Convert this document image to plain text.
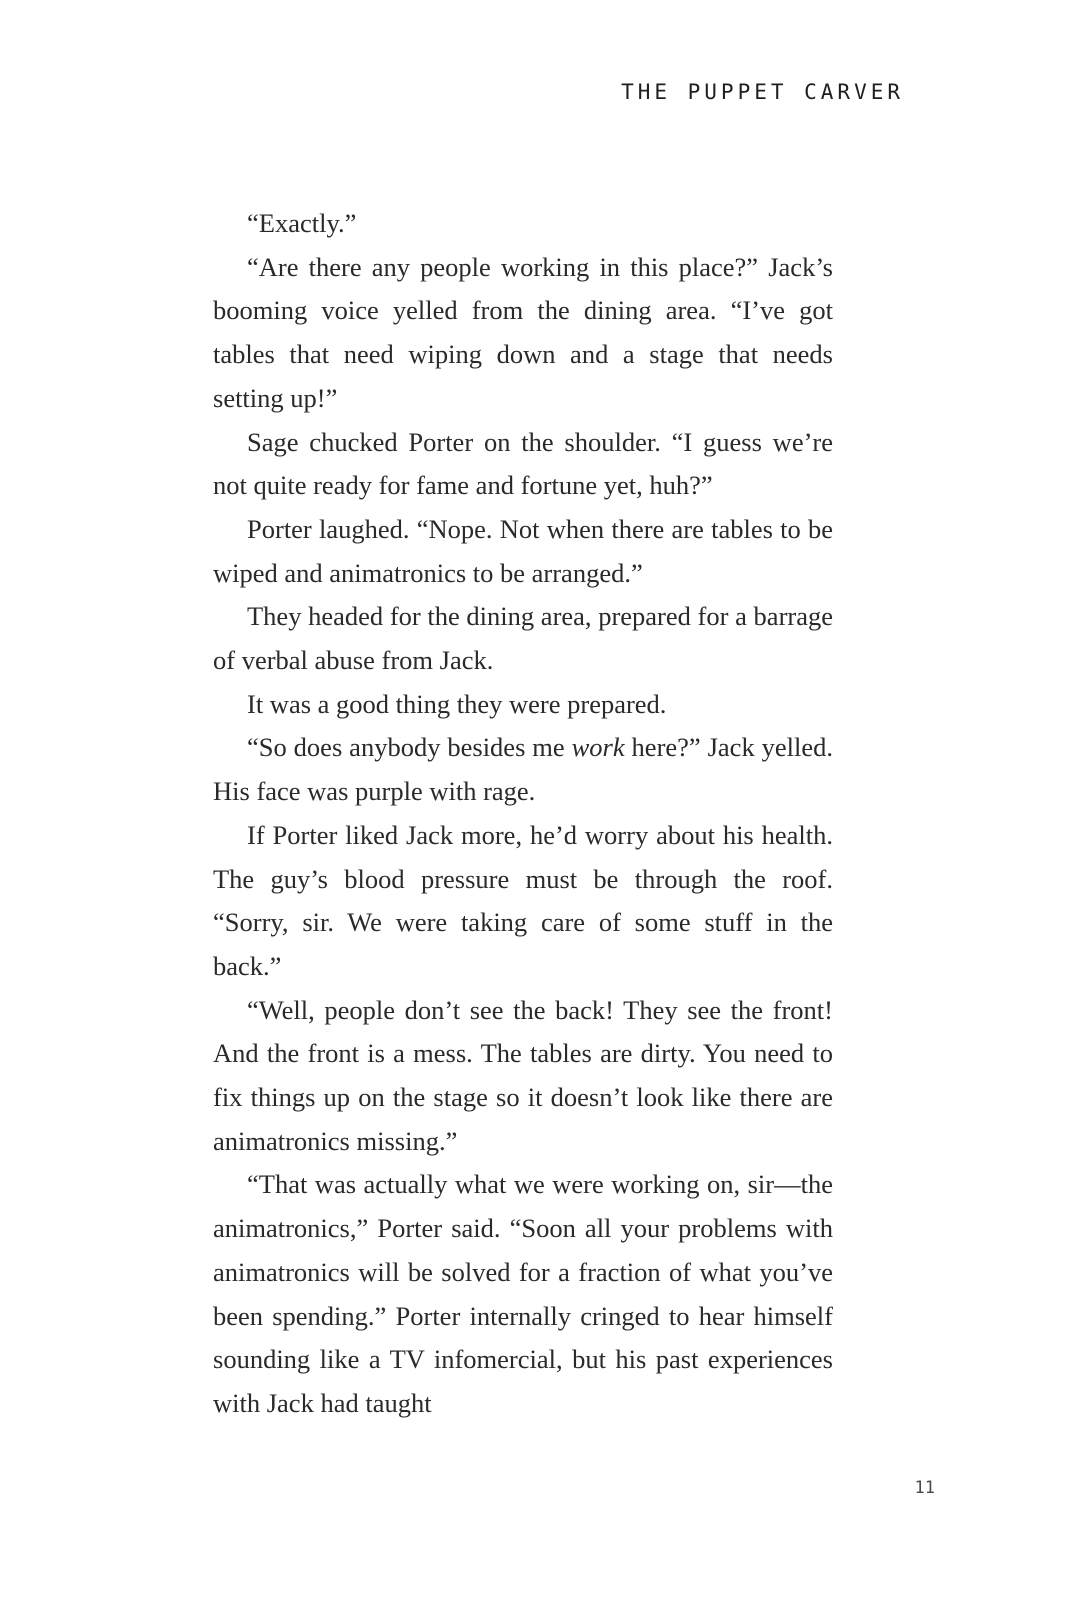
THE PUPPET CARVER

“Exactly.”

“Are there any people working in this place?” Jack’s booming voice yelled from the dining area. “I’ve got tables that need wiping down and a stage that needs setting up!”

Sage chucked Porter on the shoulder. “I guess we’re not quite ready for fame and fortune yet, huh?”

Porter laughed. “Nope. Not when there are tables to be wiped and animatronics to be arranged.”

They headed for the dining area, prepared for a barrage of verbal abuse from Jack.

It was a good thing they were prepared.

“So does anybody besides me work here?” Jack yelled. His face was purple with rage.

If Porter liked Jack more, he’d worry about his health. The guy’s blood pressure must be through the roof. “Sorry, sir. We were taking care of some stuff in the back.”

“Well, people don’t see the back! They see the front! And the front is a mess. The tables are dirty. You need to fix things up on the stage so it doesn’t look like there are animatronics missing.”

“That was actually what we were working on, sir—the animatronics,” Porter said. “Soon all your problems with animatronics will be solved for a fraction of what you’ve been spending.” Porter internally cringed to hear himself sounding like a TV infomercial, but his past experiences with Jack had taught

11
